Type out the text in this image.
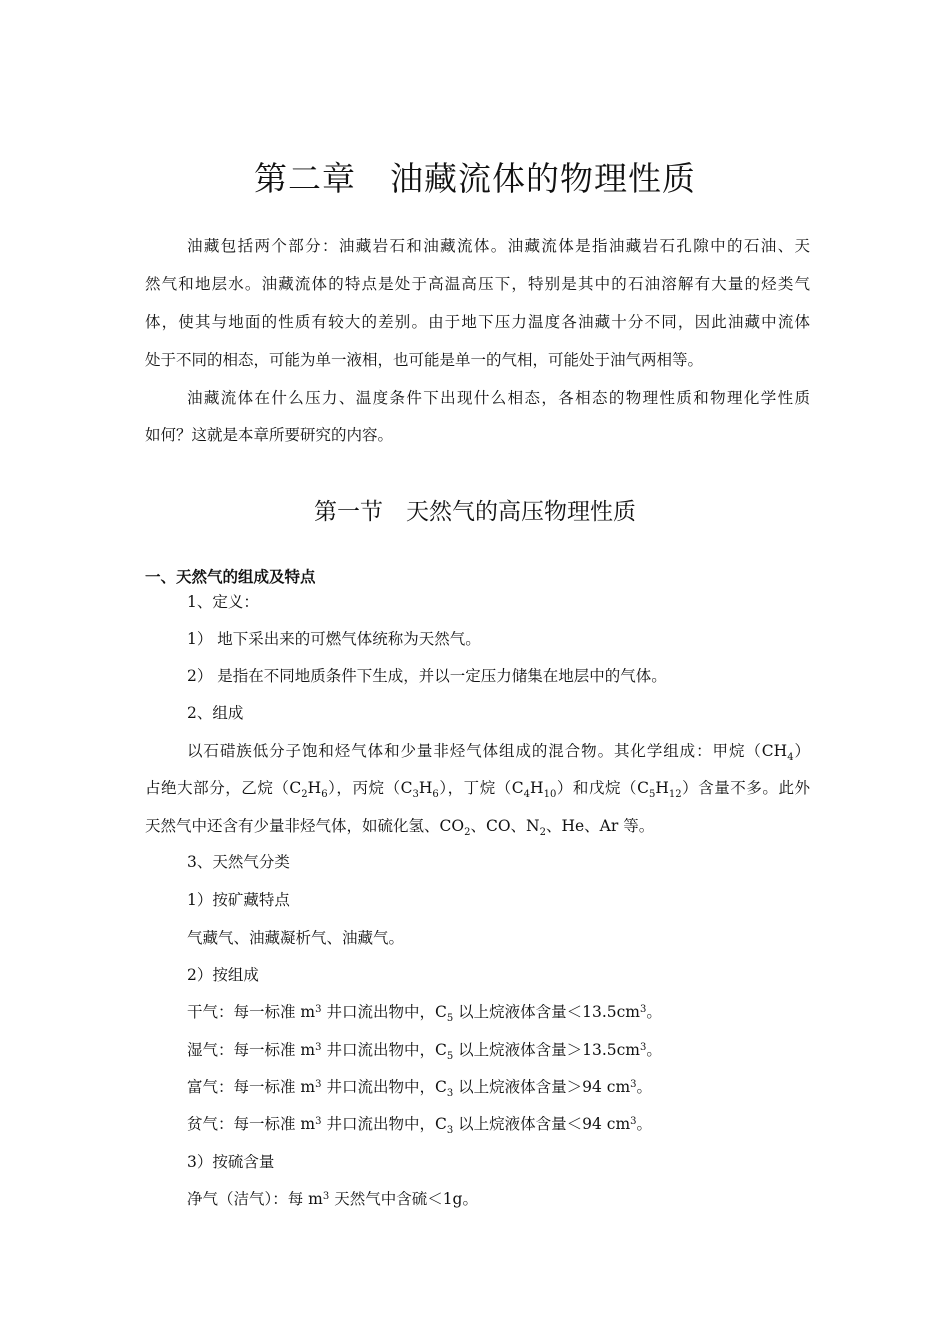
第二章　油藏流体的物理性质
油藏包括两个部分：油藏岩石和油藏流体。油藏流体是指油藏岩石孔隙中的石油、天
然气和地层水。油藏流体的特点是处于高温高压下，特别是其中的石油溶解有大量的烃类气
体，使其与地面的性质有较大的差别。由于地下压力温度各油藏十分不同，因此油藏中流体
处于不同的相态，可能为单一液相，也可能是单一的气相，可能处于油气两相等。
油藏流体在什么压力、温度条件下出现什么相态，各相态的物理性质和物理化学性质
如何？这就是本章所要研究的内容。
第一节　天然气的高压物理性质
一、天然气的组成及特点
1、定义：
1） 地下采出来的可燃气体统称为天然气。
2） 是指在不同地质条件下生成，并以一定压力储集在地层中的气体。
2、组成
以石碏族低分子饱和烃气体和少量非烃气体组成的混合物。其化学组成：甲烷$(CH_4)$
占绝大部分，乙烷$(C_2H_6)$，丙烷$(C_3H_6)$，丁烷$(C_4H_{10})$和戊烷$(C_5H_{12})$含量不多。此外
天然气中还含有少量非烃气体，如硫化氢、$CO_2$、CO、$N_2$、He、Ar 等。
3、天然气分类
1）按矿藏特点
气藏气、油藏凝析气、油藏气。
2）按组成
干气：每一标准 $m^3$ 井口流出物中，$C_5$ 以上烷液体含量$<13.5cm^3$。
湿气：每一标准 $m^3$ 井口流出物中，$C_5$ 以上烷液体含量$>13.5cm^3$。
富气：每一标准 $m^3$ 井口流出物中，$C_3$ 以上烷液体含量＞94 $cm^3$。
贫气：每一标准 $m^3$ 井口流出物中，$C_3$ 以上烷液体含量＜94 $cm^3$。
3）按硫含量
净气（洁气）：每 $m^3$ 天然气中含硫＜1g。
